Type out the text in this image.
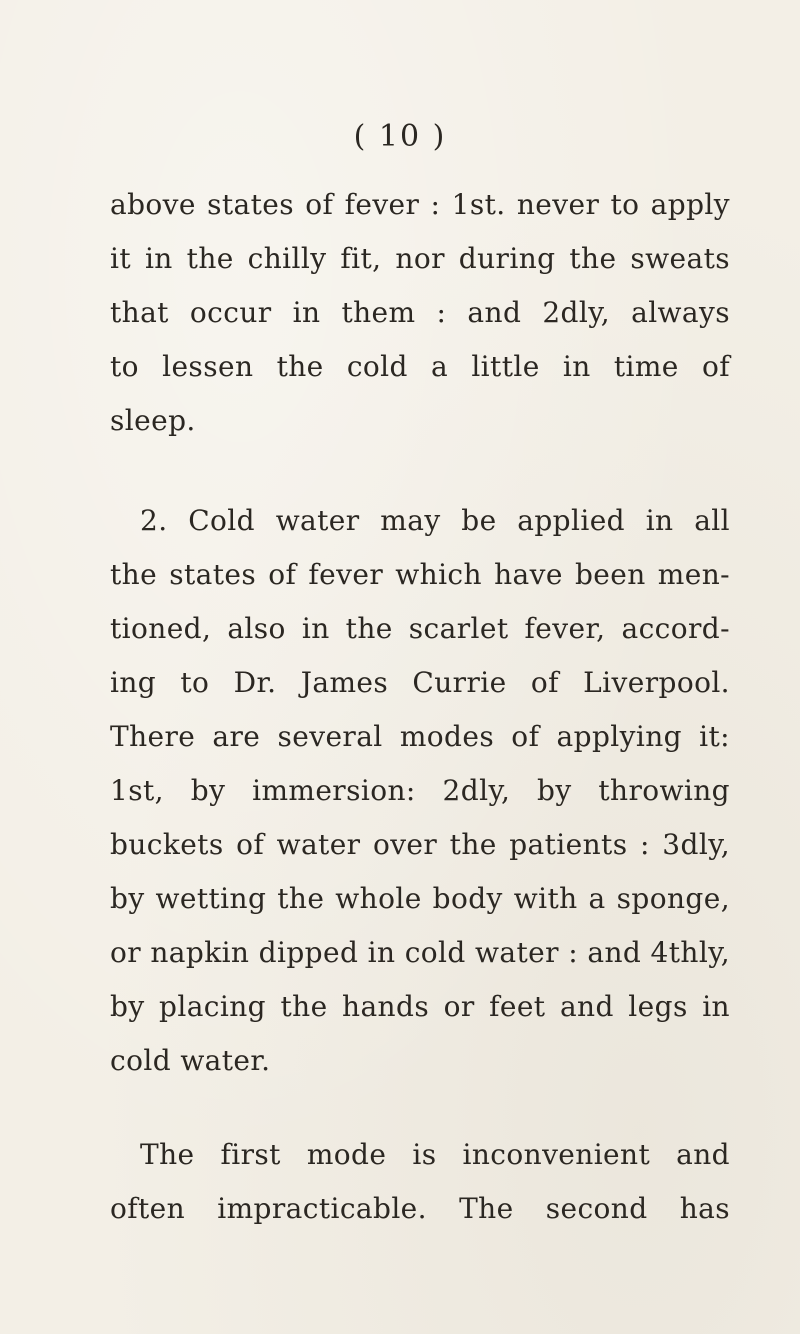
( 10 )
above states of fever : 1st. never to apply
it in the chilly fit, nor during the sweats
that occur in them : and 2dly, always
to lessen the cold a little in time of
sleep.
2. Cold water may be applied in all
the states of fever which have been men-
tioned, also in the scarlet fever, accord-
ing to Dr. James Currie of Liverpool.
There are several modes of applying it:
1st, by immersion: 2dly, by throwing
buckets of water over the patients : 3dly,
by wetting the whole body with a sponge,
or napkin dipped in cold water : and 4thly,
by placing the hands or feet and legs in
cold water.
The first mode is inconvenient and
often impracticable. The second has
